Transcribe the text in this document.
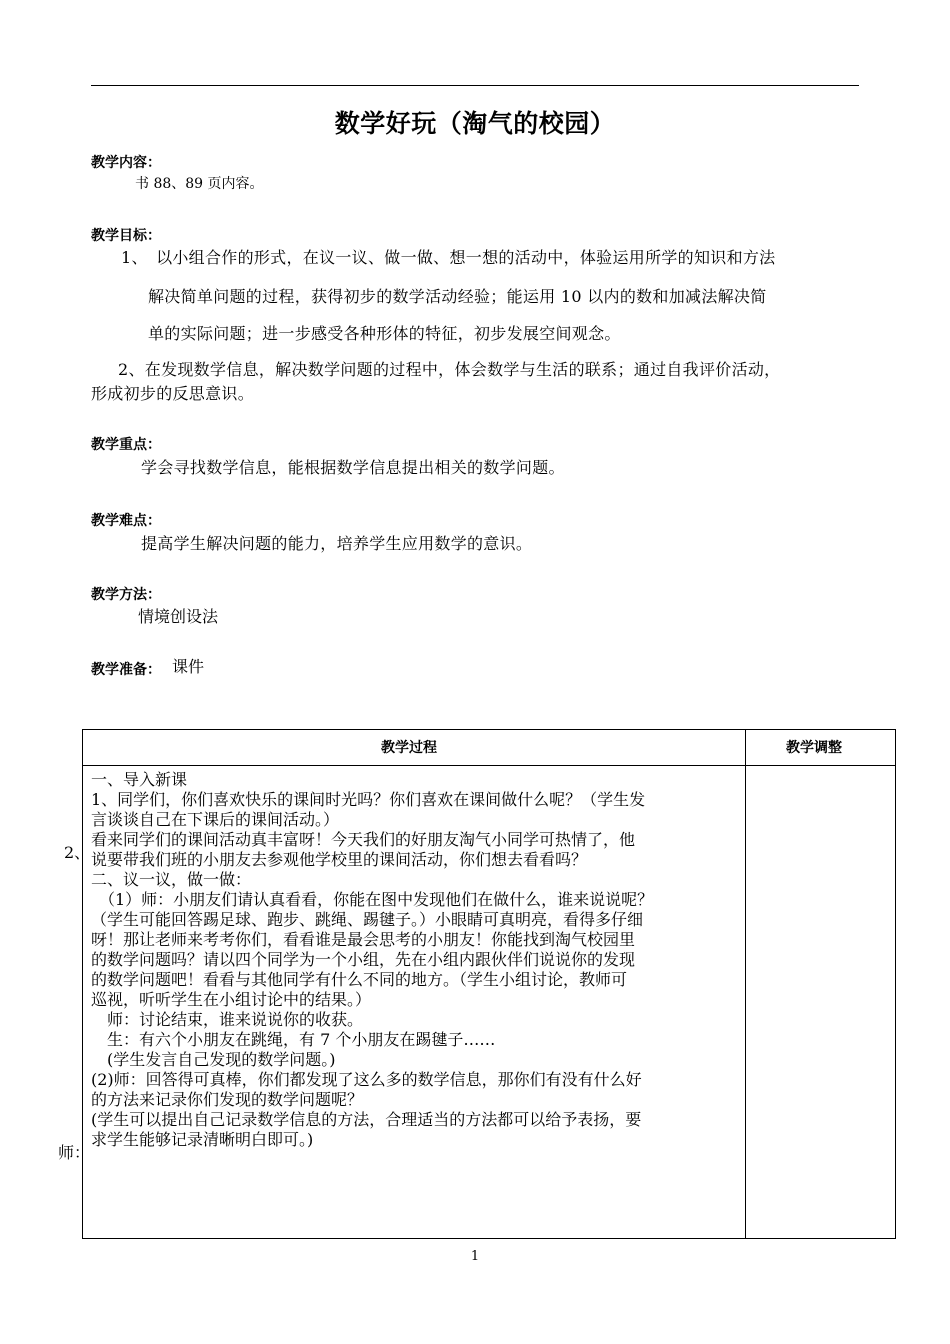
数学好玩（淘气的校园）
教学内容：
书 88、89 页内容。
教学目标：
1、　以小组合作的形式，在议一议、做一做、想一想的活动中，体验运用所学的知识和方法
解决简单问题的过程，获得初步的数学活动经验；能运用 10 以内的数和加减法解决简
单的实际问题；进一步感受各种形体的特征，初步发展空间观念。
2、在发现数学信息，解决数学问题的过程中，体会数学与生活的联系；通过自我评价活动，
形成初步的反思意识。
教学重点：
学会寻找数学信息，能根据数学信息提出相关的数学问题。
教学难点：
提高学生解决问题的能力，培养学生应用数学的意识。
教学方法：
情境创设法
教学准备： 课件
教学过程	教学调整

一、导入新课

1、同学们，你们喜欢快乐的课间时光吗？你们喜欢在课间做什么呢？（学生发

言谈谈自己在下课后的课间活动。）

看来同学们的课间活动真丰富呀！今天我们的好朋友淘气小同学可热情了，他

说要带我们班的小朋友去参观他学校里的课间活动，你们想去看看吗？

二、议一议，做一做：

　（1）师：小朋友们请认真看看，你能在图中发现他们在做什么，谁来说说呢？

（学生可能回答踢足球、跑步、跳绳、踢毽子。）小眼睛可真明亮，看得多仔细

呀！那让老师来考考你们，看看谁是最会思考的小朋友！你能找到淘气校园里

的数学问题吗？请以四个同学为一个小组，先在小组内跟伙伴们说说你的发现

的数学问题吧！看看与其他同学有什么不同的地方。（学生小组讨论，教师可

巡视，听听学生在小组讨论中的结果。）

　师：讨论结束，谁来说说你的收获。

　生：有六个小朋友在跳绳，有 7 个小朋友在踢毽子……

　(学生发言自己发现的数学问题。)

(2)师：回答得可真棒，你们都发现了这么多的数学信息，那你们有没有什么好

的方法来记录你们发现的数学问题呢？

(学生可以提出自己记录数学信息的方法，合理适当的方法都可以给予表扬，要

求学生能够记录清晰明白即可。)

2、
师：
1
